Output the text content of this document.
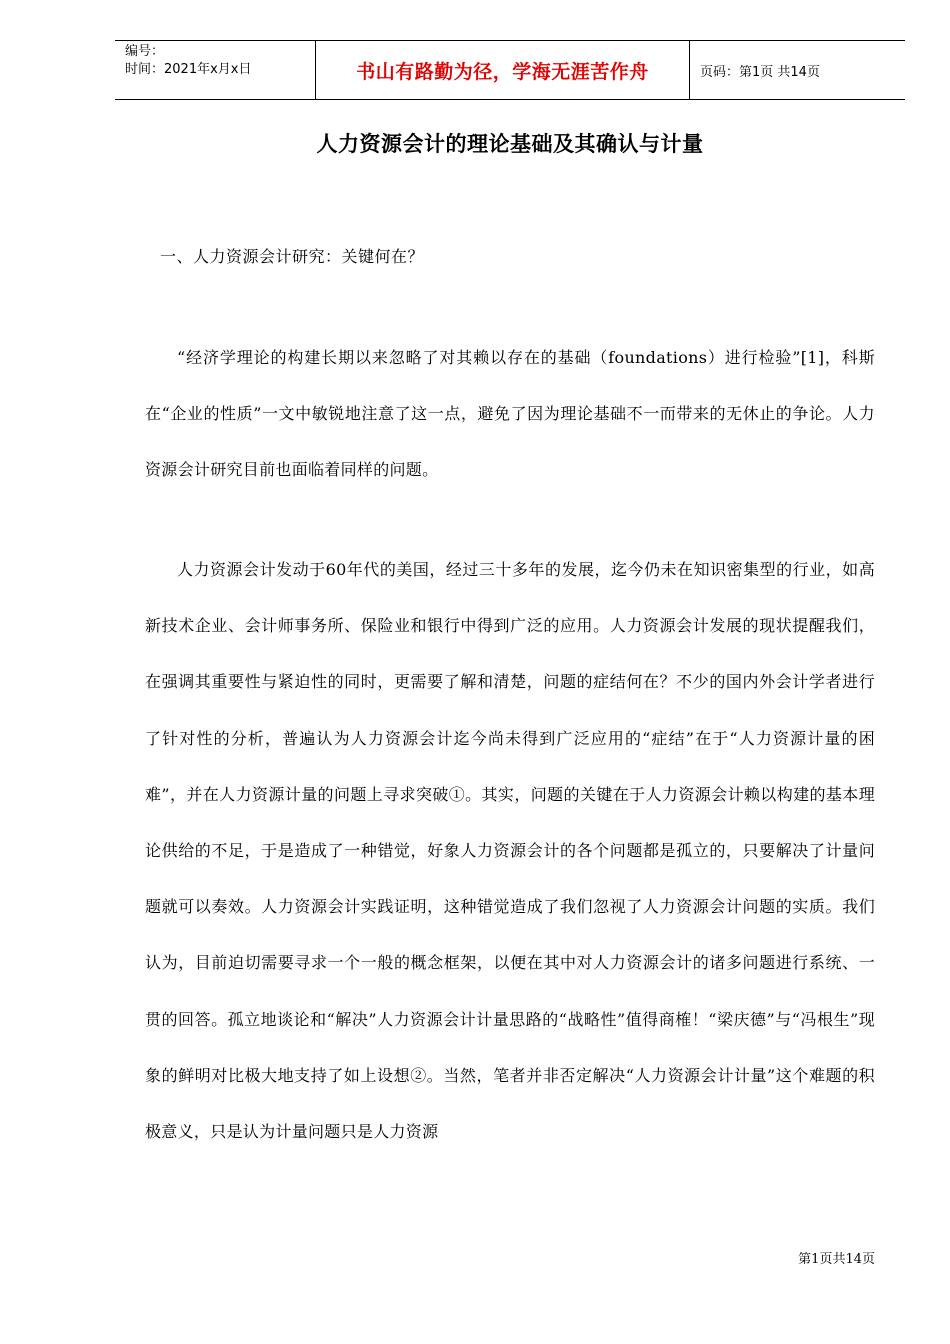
编号：
时间：2021年x月x日	书山有路勤为径，学海无涯苦作舟	页码：第1页 共14页
人力资源会计的理论基础及其确认与计量
一、人力资源会计研究：关键何在？

“经济学理论的构建长期以来忽略了对其赖以存在的基础（foundations）进行检验”[1]，科斯在“企业的性质”一文中敏锐地注意了这一点，避免了因为理论基础不一而带来的无休止的争论。人力资源会计研究目前也面临着同样的问题。

人力资源会计发动于60年代的美国，经过三十多年的发展，迄今仍未在知识密集型的行业，如高新技术企业、会计师事务所、保险业和银行中得到广泛的应用。人力资源会计发展的现状提醒我们，在强调其重要性与紧迫性的同时，更需要了解和清楚，问题的症结何在？不少的国内外会计学者进行了针对性的分析，普遍认为人力资源会计迄今尚未得到广泛应用的“症结”在于“人力资源计量的困难”，并在人力资源计量的问题上寻求突破①。其实，问题的关键在于人力资源会计赖以构建的基本理论供给的不足，于是造成了一种错觉，好象人力资源会计的各个问题都是孤立的，只要解决了计量问题就可以奏效。人力资源会计实践证明，这种错觉造成了我们忽视了人力资源会计问题的实质。我们认为，目前迫切需要寻求一个一般的概念框架，以便在其中对人力资源会计的诸多问题进行系统、一贯的回答。孤立地谈论和“解决”人力资源会计计量思路的“战略性”值得商榷！“梁庆德”与“冯根生”现象的鲜明对比极大地支持了如上设想②。当然，笔者并非否定解决“人力资源会计计量”这个难题的积极意义，只是认为计量问题只是人力资源

第1页共14页
